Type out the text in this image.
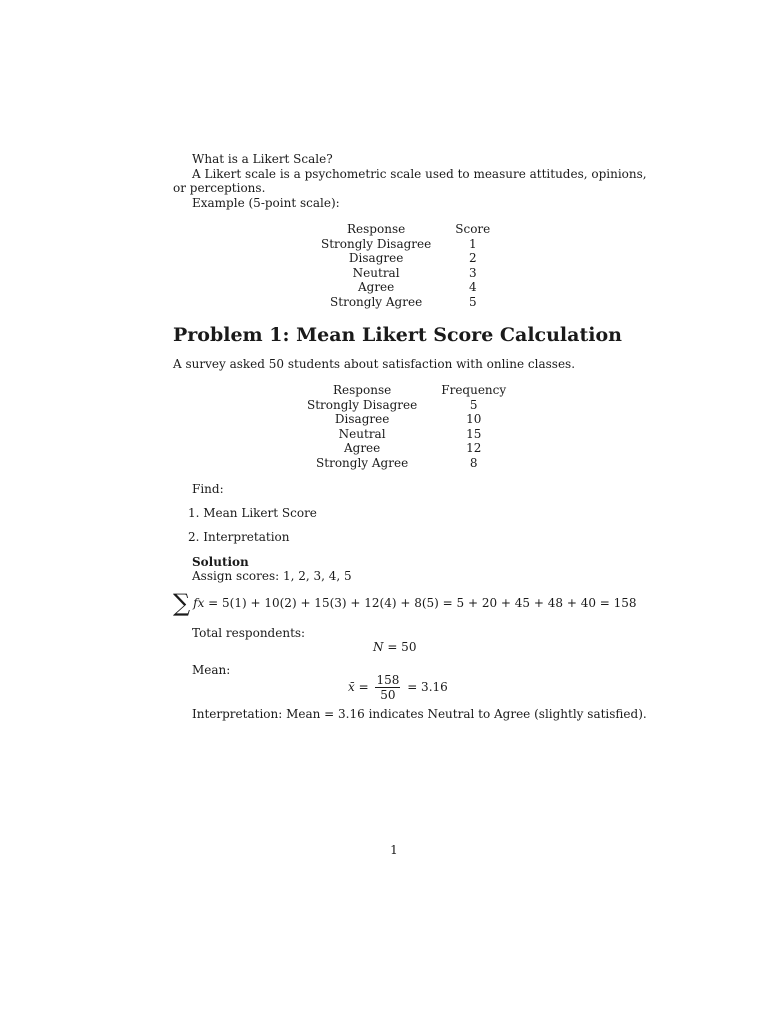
What is a Likert Scale?
A Likert scale is a psychometric scale used to measure attitudes, opinions,
or perceptions.
Example (5-point scale):
Response	Score
Strongly Disagree	1
Disagree	2
Neutral	3
Agree	4
Strongly Agree	5
Problem 1: Mean Likert Score Calculation
A survey asked 50 students about satisfaction with online classes.
Response	Frequency
Strongly Disagree	5
Disagree	10
Neutral	15
Agree	12
Strongly Agree	8
Find:
1. Mean Likert Score
2. Interpretation
Solution
Assign scores: 1, 2, 3, 4, 5
∑ fx = 5(1) + 10(2) + 15(3) + 12(4) + 8(5) = 5 + 20 + 45 + 48 + 40 = 158
Total respondents:
N = 50
Mean:
x̄ = $\frac{158}{50} = 3.16$
Interpretation: Mean = 3.16 indicates Neutral to Agree (slightly satisfied).
1
